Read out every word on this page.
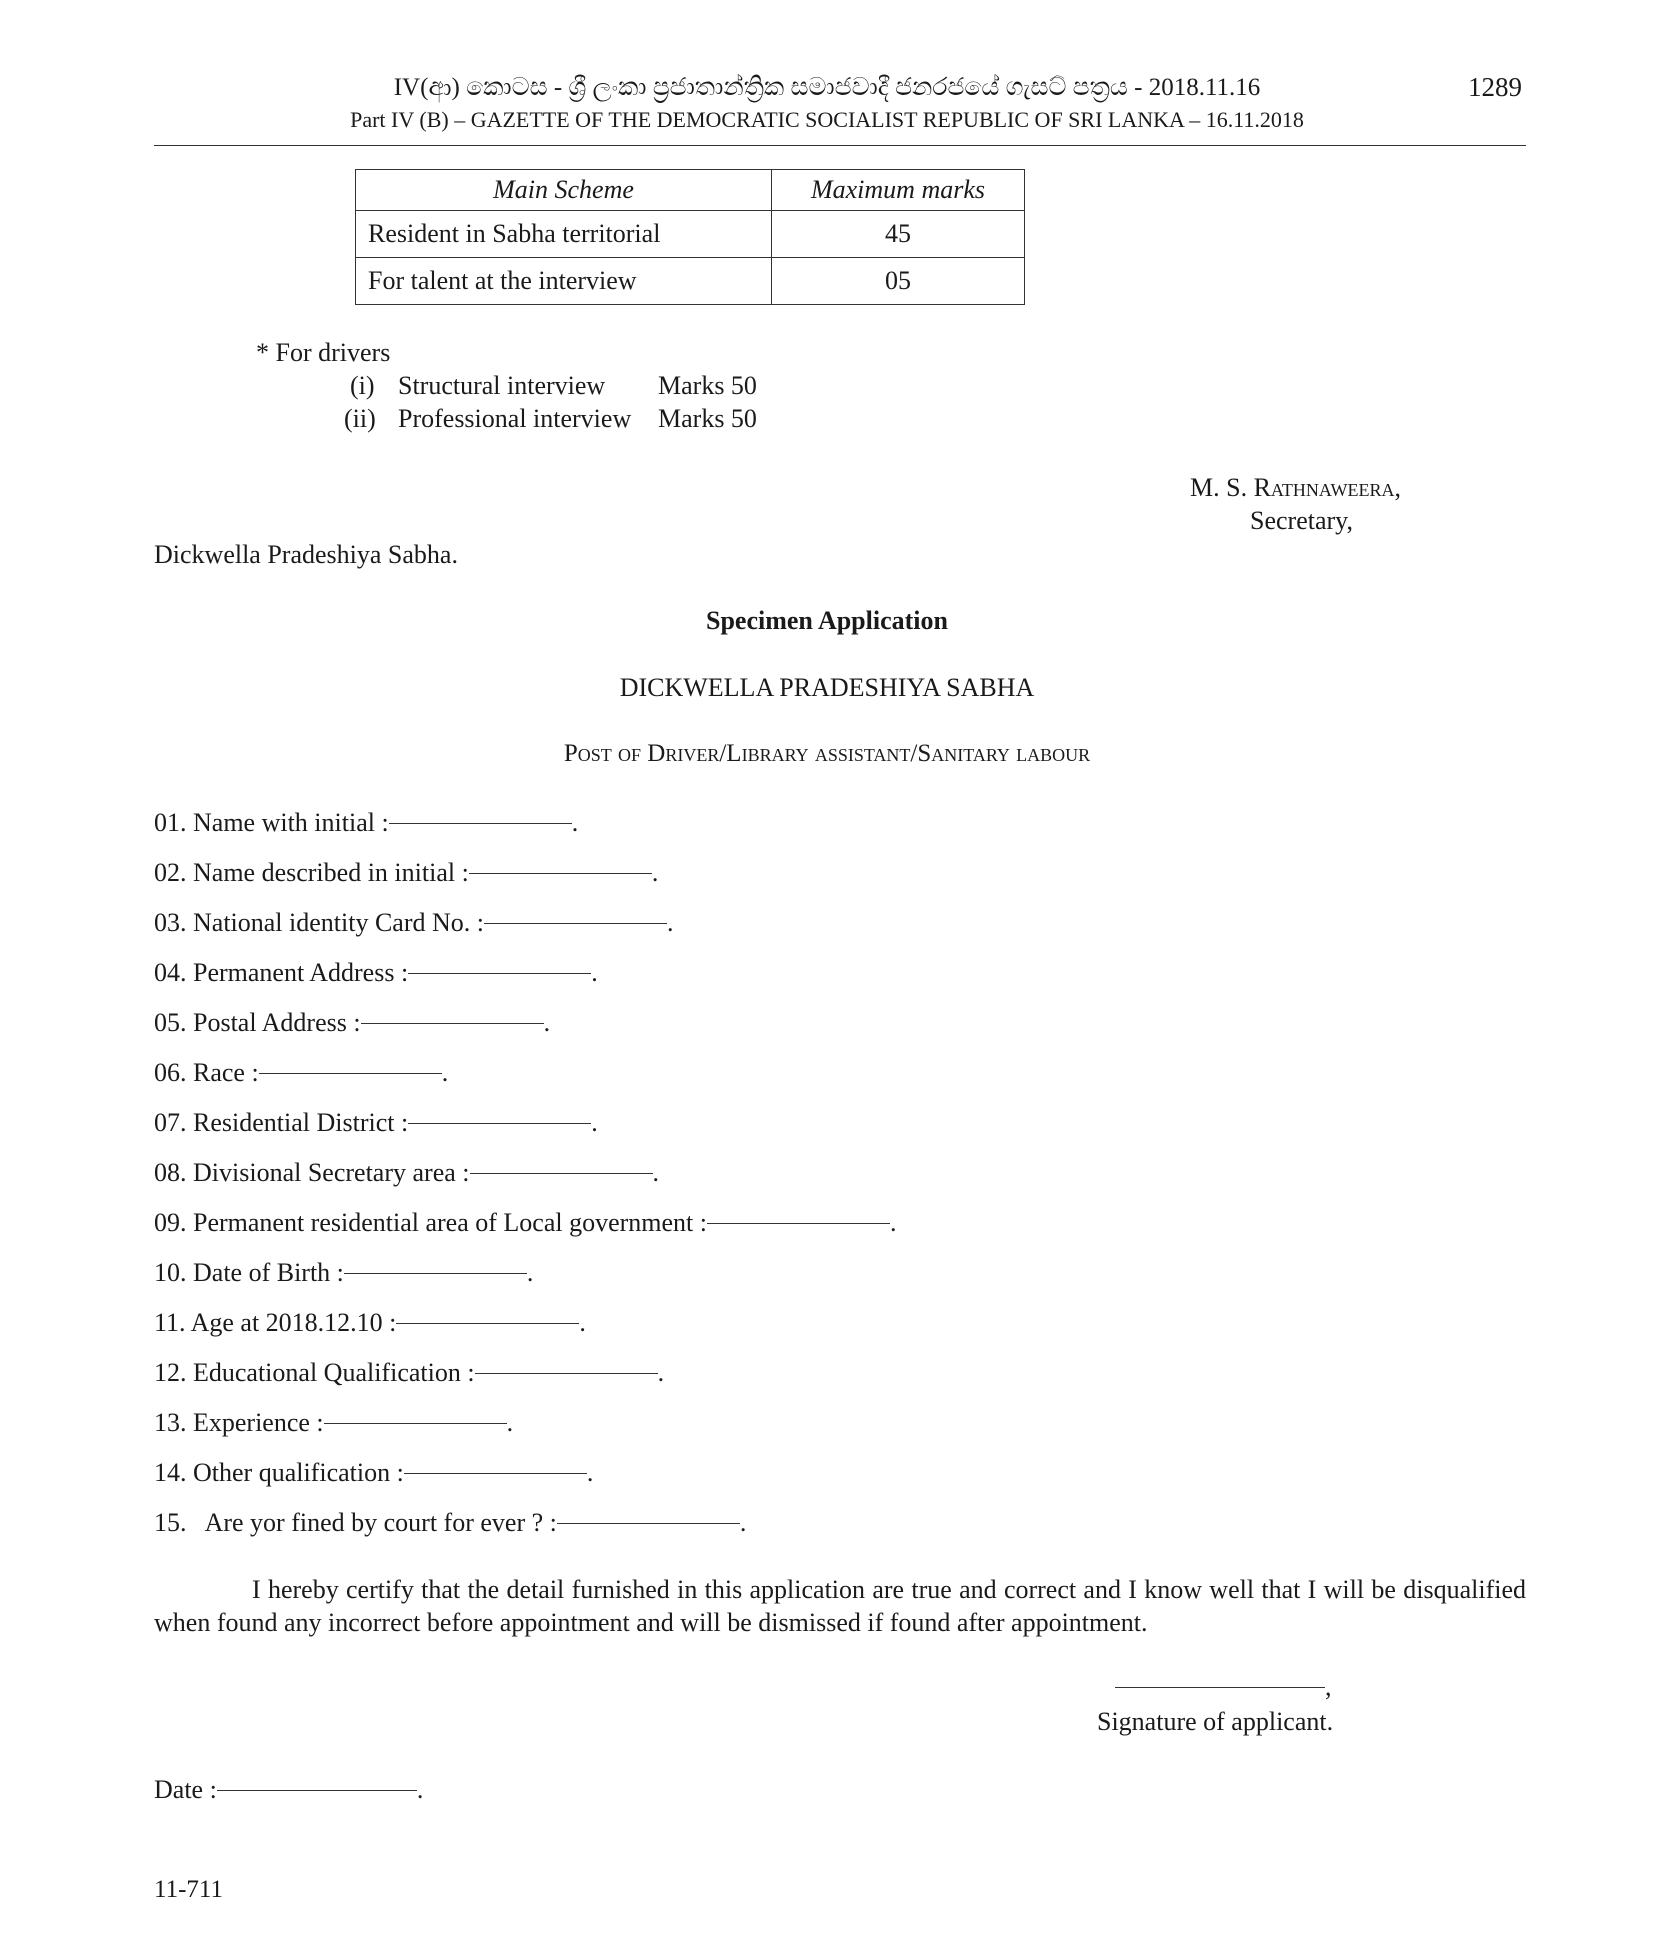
IV(ආ) කොටස - ශ්‍රී ලංකා ප්‍රජාතාන්ත්‍රික සමාජවාදී ජනරජයේ ගැසට් පත්‍රය - 2018.11.16
Part IV (B) – GAZETTE OF THE DEMOCRATIC SOCIALIST REPUBLIC OF SRI LANKA – 16.11.2018
1289
Main Scheme	Maximum marks
Resident in Sabha territorial	45
For talent at the interview	05
* For drivers
(i) Structural interview Marks 50
(ii) Professional interview Marks 50
M. S. Rathnaweera,
Secretary,
Dickwella Pradeshiya Sabha.
Specimen Application
DICKWELLA PRADESHIYA SABHA
Post of Driver/Library assistant/Sanitary labour
01. Name with initial :	.
02. Name described in initial :	.
03. National identity Card No. :	.
04. Permanent Address :	.
05. Postal Address :	.
06. Race :	.
07. Residential District :	.
08. Divisional Secretary area :	.
09. Permanent residential area of Local government :	.
10. Date of Birth :	.
11. Age at 2018.12.10 :	.
12. Educational Qualification :	.
13. Experience :	.
14. Other qualification :	.
15.   Are yor fined by court for ever ? :	.
I hereby certify that the detail furnished in this application are true and correct and I know well that I will be disqualified when found any incorrect before appointment and will be dismissed if found after appointment.
,
Signature of applicant.
Date :	.
11-711
